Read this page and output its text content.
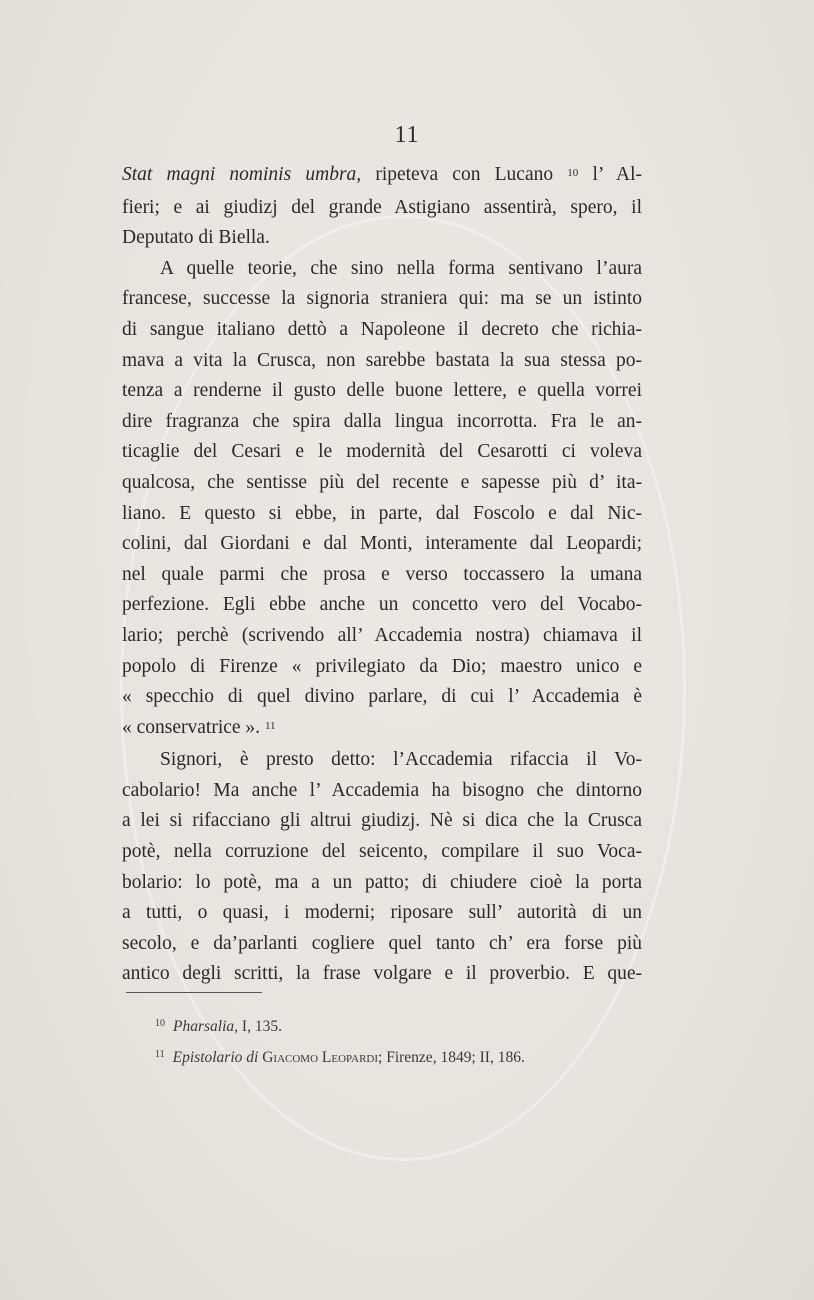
11
Stat magni nominis umbra, ripeteva con Lucano $^{10}$ l’ Al-
fieri; e ai giudizj del grande Astigiano assentirà, spero, il
Deputato di Biella.
A quelle teorie, che sino nella forma sentivano l’aura
francese, successe la signoria straniera qui: ma se un istinto
di sangue italiano dettò a Napoleone il decreto che richia-
mava a vita la Crusca, non sarebbe bastata la sua stessa po-
tenza a renderne il gusto delle buone lettere, e quella vorrei
dire fragranza che spira dalla lingua incorrotta. Fra le an-
ticaglie del Cesari e le modernità del Cesarotti ci voleva
qualcosa, che sentisse più del recente e sapesse più d’ ita-
liano. E questo si ebbe, in parte, dal Foscolo e dal Nic-
colini, dal Giordani e dal Monti, interamente dal Leopardi;
nel quale parmi che prosa e verso toccassero la umana
perfezione. Egli ebbe anche un concetto vero del Vocabo-
lario; perchè (scrivendo all’ Accademia nostra) chiamava il
popolo di Firenze « privilegiato da Dio; maestro unico e
« specchio di quel divino parlare, di cui l’ Accademia è
« conservatrice ». $^{11}$
Signori, è presto detto: l’Accademia rifaccia il Vo-
cabolario! Ma anche l’ Accademia ha bisogno che dintorno
a lei si rifacciano gli altrui giudizj. Nè si dica che la Crusca
potè, nella corruzione del seicento, compilare il suo Voca-
bolario: lo potè, ma a un patto; di chiudere cioè la porta
a tutti, o quasi, i moderni; riposare sull’ autorità di un
secolo, e da’parlanti cogliere quel tanto ch’ era forse più
antico degli scritti, la frase volgare e il proverbio. E que-
$^{10}$ Pharsalia, I, 135.
$^{11}$ Epistolario di Giacomo Leopardi; Firenze, 1849; II, 186.
